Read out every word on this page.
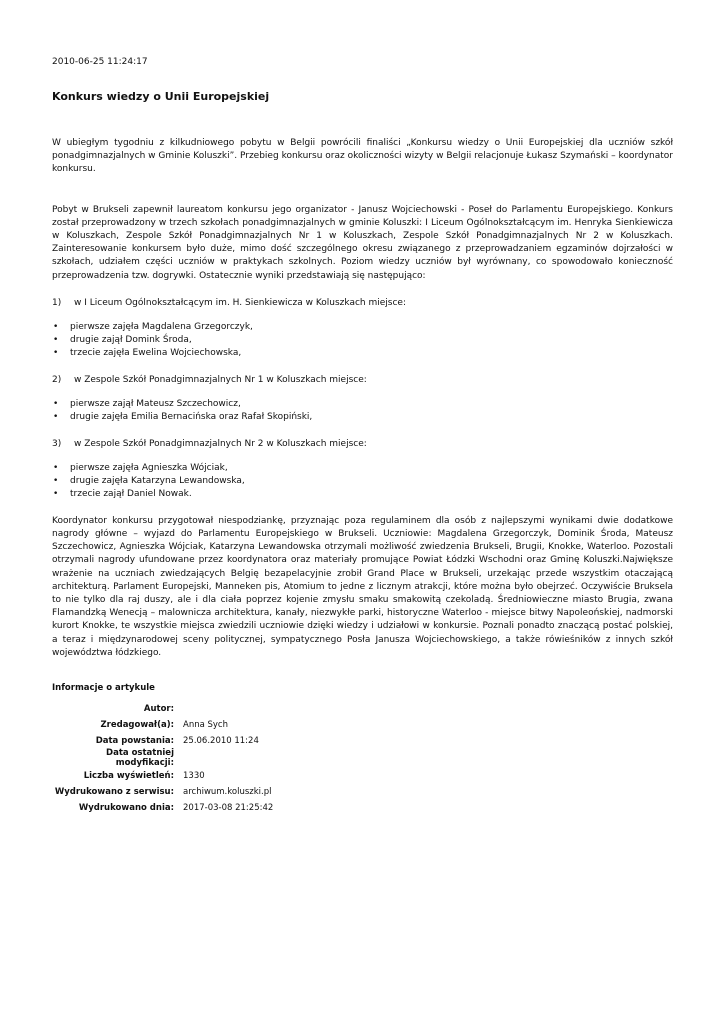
2010-06-25 11:24:17
Konkurs wiedzy o Unii Europejskiej

W ubiegłym tygodniu z kilkudniowego pobytu w Belgii powrócili finaliści „Konkursu wiedzy o Unii Europejskiej dla uczniów szkół ponadgimnazjalnych w Gminie Koluszki”. Przebieg konkursu oraz okoliczności wizyty w Belgii relacjonuje Łukasz Szymański – koordynator konkursu.

Pobyt w Brukseli zapewnił laureatom konkursu jego organizator - Janusz Wojciechowski - Poseł do Parlamentu Europejskiego. Konkurs został przeprowadzony w trzech szkołach ponadgimnazjalnych w gminie Koluszki: I Liceum Ogólnokształcącym im. Henryka Sienkiewicza w Koluszkach, Zespole Szkół Ponadgimnazjalnych Nr 1 w Koluszkach, Zespole Szkół Ponadgimnazjalnych Nr 2 w Koluszkach. Zainteresowanie konkursem było duże, mimo dość szczególnego okresu związanego z przeprowadzaniem egzaminów dojrzałości w szkołach, udziałem części uczniów w praktykach szkolnych. Poziom wiedzy uczniów był wyrównany, co spowodowało konieczność przeprowadzenia tzw. dogrywki. Ostatecznie wyniki przedstawiają się następująco:

1) w I Liceum Ogólnokształcącym im. H. Sienkiewicza w Koluszkach miejsce:

• pierwsze zajęła Magdalena Grzegorczyk,
• drugie zajął Domink Środa,
• trzecie zajęła Ewelina Wojciechowska,

2) w Zespole Szkół Ponadgimnazjalnych Nr 1 w Koluszkach miejsce:

• pierwsze zajął Mateusz Szczechowicz,
• drugie zajęła Emilia Bernacińska oraz Rafał Skopiński,

3) w Zespole Szkół Ponadgimnazjalnych Nr 2 w Koluszkach miejsce:

• pierwsze zajęła Agnieszka Wójciak,
• drugie zajęła Katarzyna Lewandowska,
• trzecie zajął Daniel Nowak.

Koordynator konkursu przygotował niespodziankę, przyznając poza regulaminem dla osób z najlepszymi wynikami dwie dodatkowe nagrody główne – wyjazd do Parlamentu Europejskiego w Brukseli. Uczniowie: Magdalena Grzegorczyk, Dominik Środa, Mateusz Szczechowicz, Agnieszka Wójciak, Katarzyna Lewandowska otrzymali możliwość zwiedzenia Brukseli, Brugii, Knokke, Waterloo. Pozostali otrzymali nagrody ufundowane przez koordynatora oraz materiały promujące Powiat Łódzki Wschodni oraz Gminę Koluszki.Największe wrażenie na uczniach zwiedzających Belgię bezapelacyjnie zrobił Grand Place w Brukseli, urzekając przede wszystkim otaczającą architekturą. Parlament Europejski, Manneken pis, Atomium to jedne z licznym atrakcji, które można było obejrzeć. Oczywiście Bruksela to nie tylko dla raj duszy, ale i dla ciała poprzez kojenie zmysłu smaku smakowitą czekoladą. Średniowieczne miasto Brugia, zwana Flamandzką Wenecją – malownicza architektura, kanały, niezwykłe parki, historyczne Waterloo - miejsce bitwy Napoleońskiej, nadmorski kurort Knokke, te wszystkie miejsca zwiedzili uczniowie dzięki wiedzy i udziałowi w konkursie. Poznali ponadto znaczącą postać polskiej, a teraz i międzynarodowej sceny politycznej, sympatycznego Posła Janusza Wojciechowskiego, a także rówieśników z innych szkół województwa łódzkiego.

Informacje o artykule
Autor:	
Zredagował(a):	Anna Sych
Data powstania:	25.06.2010 11:24
Data ostatniej modyfikacji:	
Liczba wyświetleń:	1330
Wydrukowano z serwisu:	archiwum.koluszki.pl
Wydrukowano dnia:	2017-03-08 21:25:42
